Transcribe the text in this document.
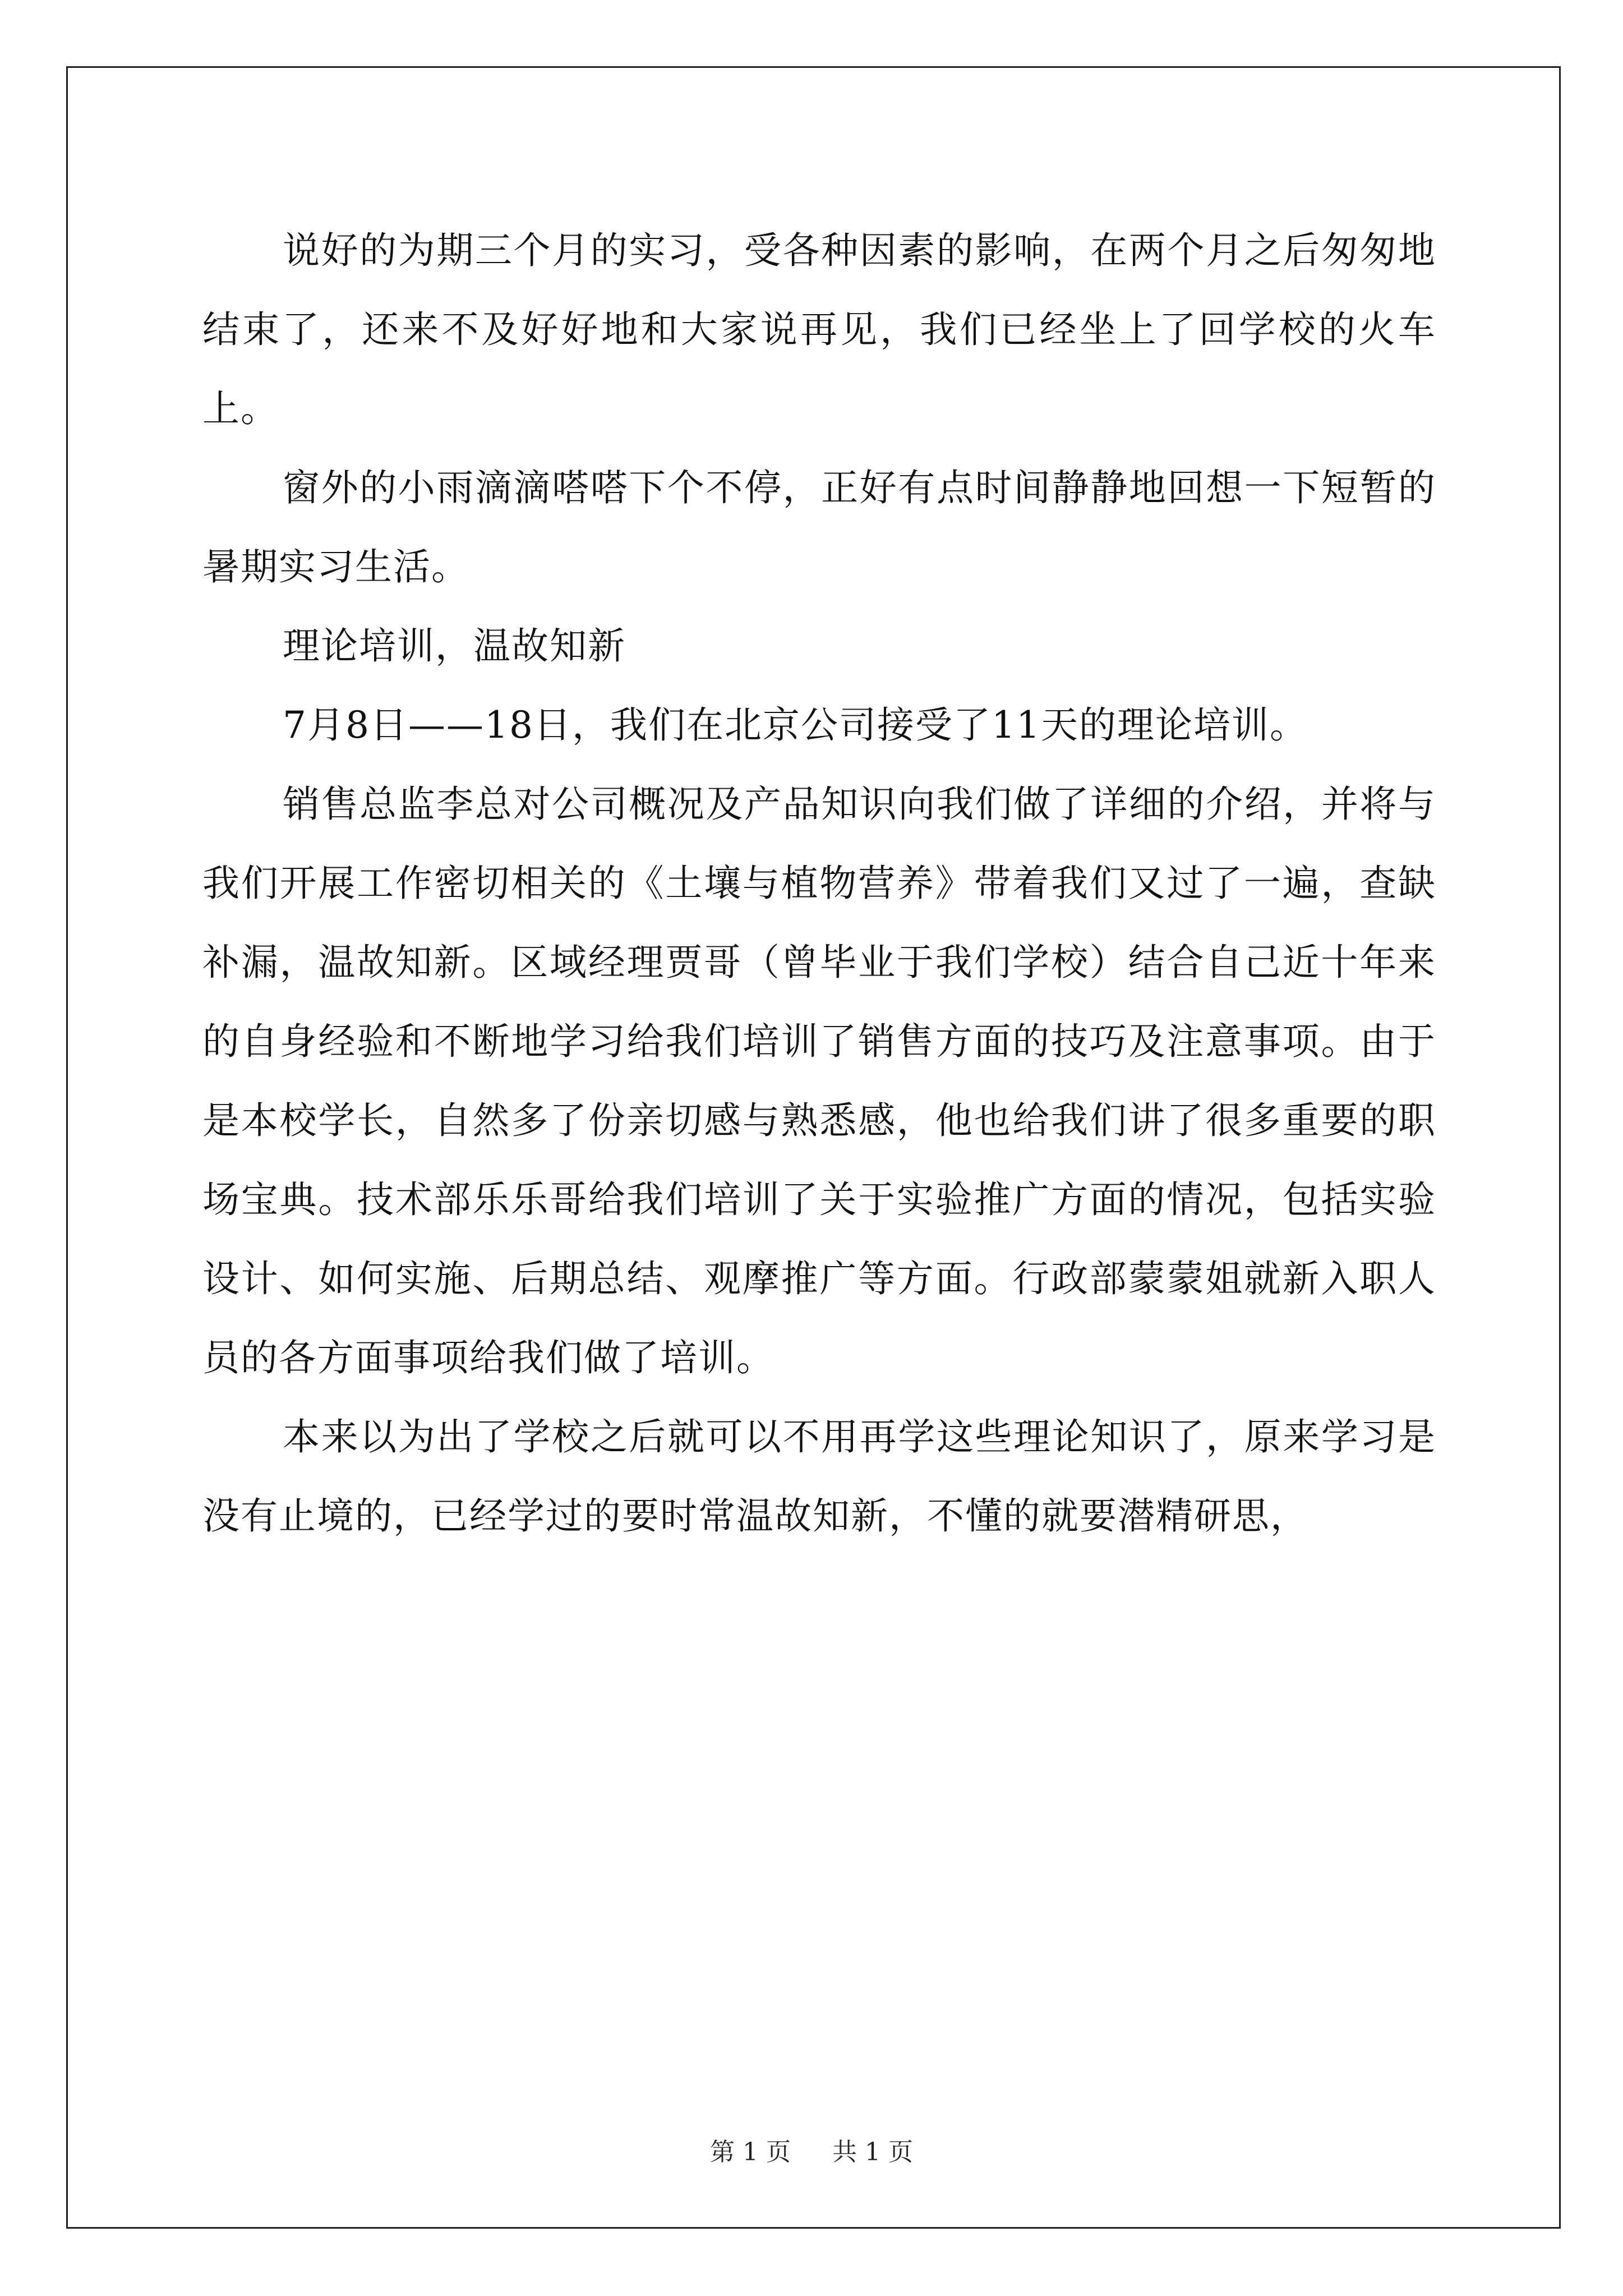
说好的为期三个月的实习，受各种因素的影响，在两个月之后匆匆地结束了，还来不及好好地和大家说再见，我们已经坐上了回学校的火车上。

窗外的小雨滴滴嗒嗒下个不停，正好有点时间静静地回想一下短暂的暑期实习生活。

理论培训，温故知新

7月8日——18日，我们在北京公司接受了11天的理论培训。

销售总监李总对公司概况及产品知识向我们做了详细的介绍，并将与我们开展工作密切相关的《土壤与植物营养》带着我们又过了一遍，查缺补漏，温故知新。区域经理贾哥（曾毕业于我们学校）结合自己近十年来的自身经验和不断地学习给我们培训了销售方面的技巧及注意事项。由于是本校学长，自然多了份亲切感与熟悉感，他也给我们讲了很多重要的职场宝典。技术部乐乐哥给我们培训了关于实验推广方面的情况，包括实验设计、如何实施、后期总结、观摩推广等方面。行政部蒙蒙姐就新入职人员的各方面事项给我们做了培训。

本来以为出了学校之后就可以不用再学这些理论知识了，原来学习是没有止境的，已经学过的要时常温故知新，不懂的就要潜精研思，

第 1 页 共 1 页
